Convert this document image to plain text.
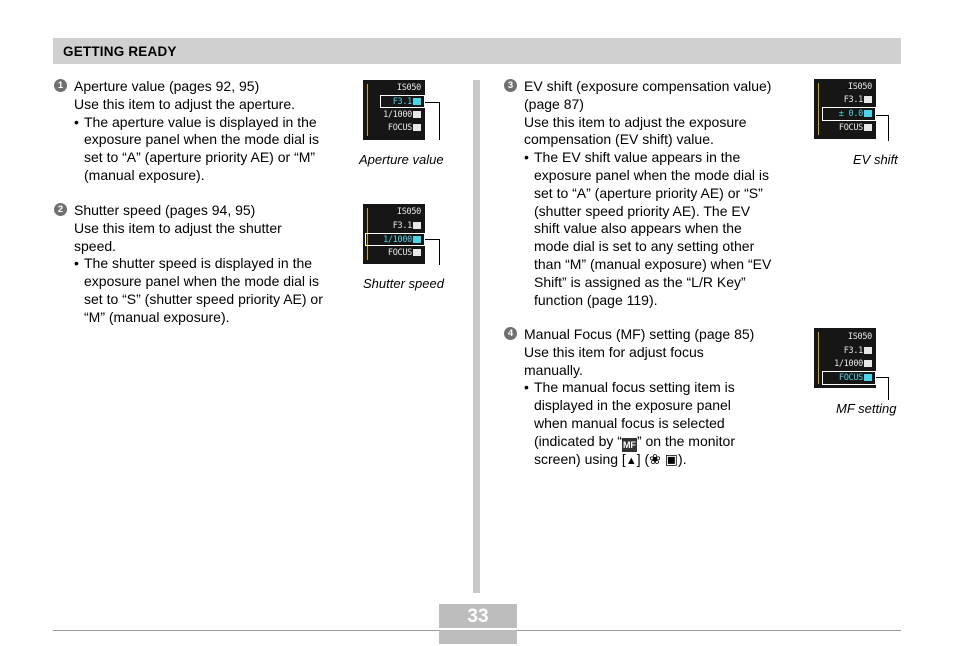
GETTING READY
1 Aperture value (pages 92, 95)
Use this item to adjust the aperture.
• The aperture value is displayed in the
exposure panel when the mode dial is
set to “A” (aperture priority AE) or “M”
(manual exposure).
2 Shutter speed (pages 94, 95)
Use this item to adjust the shutter
speed.
• The shutter speed is displayed in the
exposure panel when the mode dial is
set to “S” (shutter speed priority AE) or
“M” (manual exposure).
3 EV shift (exposure compensation value)
(page 87)
Use this item to adjust the exposure
compensation (EV shift) value.
• The EV shift value appears in the
exposure panel when the mode dial is
set to “A” (aperture priority AE) or “S”
(shutter speed priority AE). The EV
shift value also appears when the
mode dial is set to any setting other
than “M” (manual exposure) when “EV
Shift” is assigned as the “L/R Key”
function (page 119).
4 Manual Focus (MF) setting (page 85)
Use this item for adjust focus
manually.
• The manual focus setting item is
displayed in the exposure panel
when manual focus is selected
(indicated by “MF” on the monitor
screen) using [▲] (❀ ▣).
IS050
F3.1
1/1000
FOCUS
Aperture value
IS050
F3.1
1/1000
FOCUS
Shutter speed
IS050
F3.1
± 0.0
FOCUS
EV shift
IS050
F3.1
1/1000
FOCUS
MF setting
33
